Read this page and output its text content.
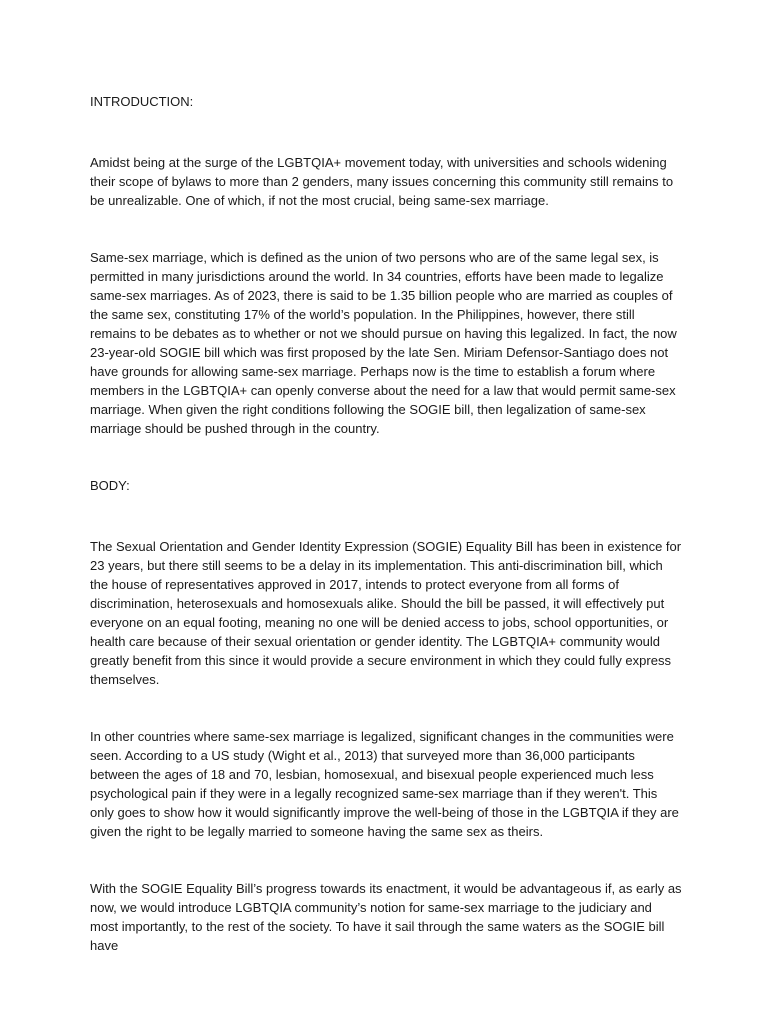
INTRODUCTION:

Amidst being at the surge of the LGBTQIA+ movement today, with universities and schools widening their scope of bylaws to more than 2 genders, many issues concerning this community still remains to be unrealizable. One of which, if not the most crucial, being same-sex marriage.

Same-sex marriage, which is defined as the union of two persons who are of the same legal sex, is permitted in many jurisdictions around the world. In 34 countries, efforts have been made to legalize same-sex marriages. As of 2023, there is said to be 1.35 billion people who are married as couples of the same sex, constituting 17% of the world’s population. In the Philippines, however, there still remains to be debates as to whether or not we should pursue on having this legalized. In fact, the now 23-year-old SOGIE bill which was first proposed by the late Sen. Miriam Defensor-Santiago does not have grounds for allowing same-sex marriage. Perhaps now is the time to establish a forum where members in the LGBTQIA+ can openly converse about the need for a law that would permit same-sex marriage. When given the right conditions following the SOGIE bill, then legalization of same-sex marriage should be pushed through in the country.

BODY:

The Sexual Orientation and Gender Identity Expression (SOGIE) Equality Bill has been in existence for 23 years, but there still seems to be a delay in its implementation. This anti-discrimination bill, which the house of representatives approved in 2017, intends to protect everyone from all forms of discrimination, heterosexuals and homosexuals alike. Should the bill be passed, it will effectively put everyone on an equal footing, meaning no one will be denied access to jobs, school opportunities, or health care because of their sexual orientation or gender identity. The LGBTQIA+ community would greatly benefit from this since it would provide a secure environment in which they could fully express themselves.

In other countries where same-sex marriage is legalized, significant changes in the communities were seen. According to a US study (Wight et al., 2013) that surveyed more than 36,000 participants between the ages of 18 and 70, lesbian, homosexual, and bisexual people experienced much less psychological pain if they were in a legally recognized same-sex marriage than if they weren't. This only goes to show how it would significantly improve the well-being of those in the LGBTQIA if they are given the right to be legally married to someone having the same sex as theirs.

With the SOGIE Equality Bill’s progress towards its enactment, it would be advantageous if, as early as now, we would introduce LGBTQIA community’s notion for same-sex marriage to the judiciary and most importantly, to the rest of the society. To have it sail through the same waters as the SOGIE bill have
